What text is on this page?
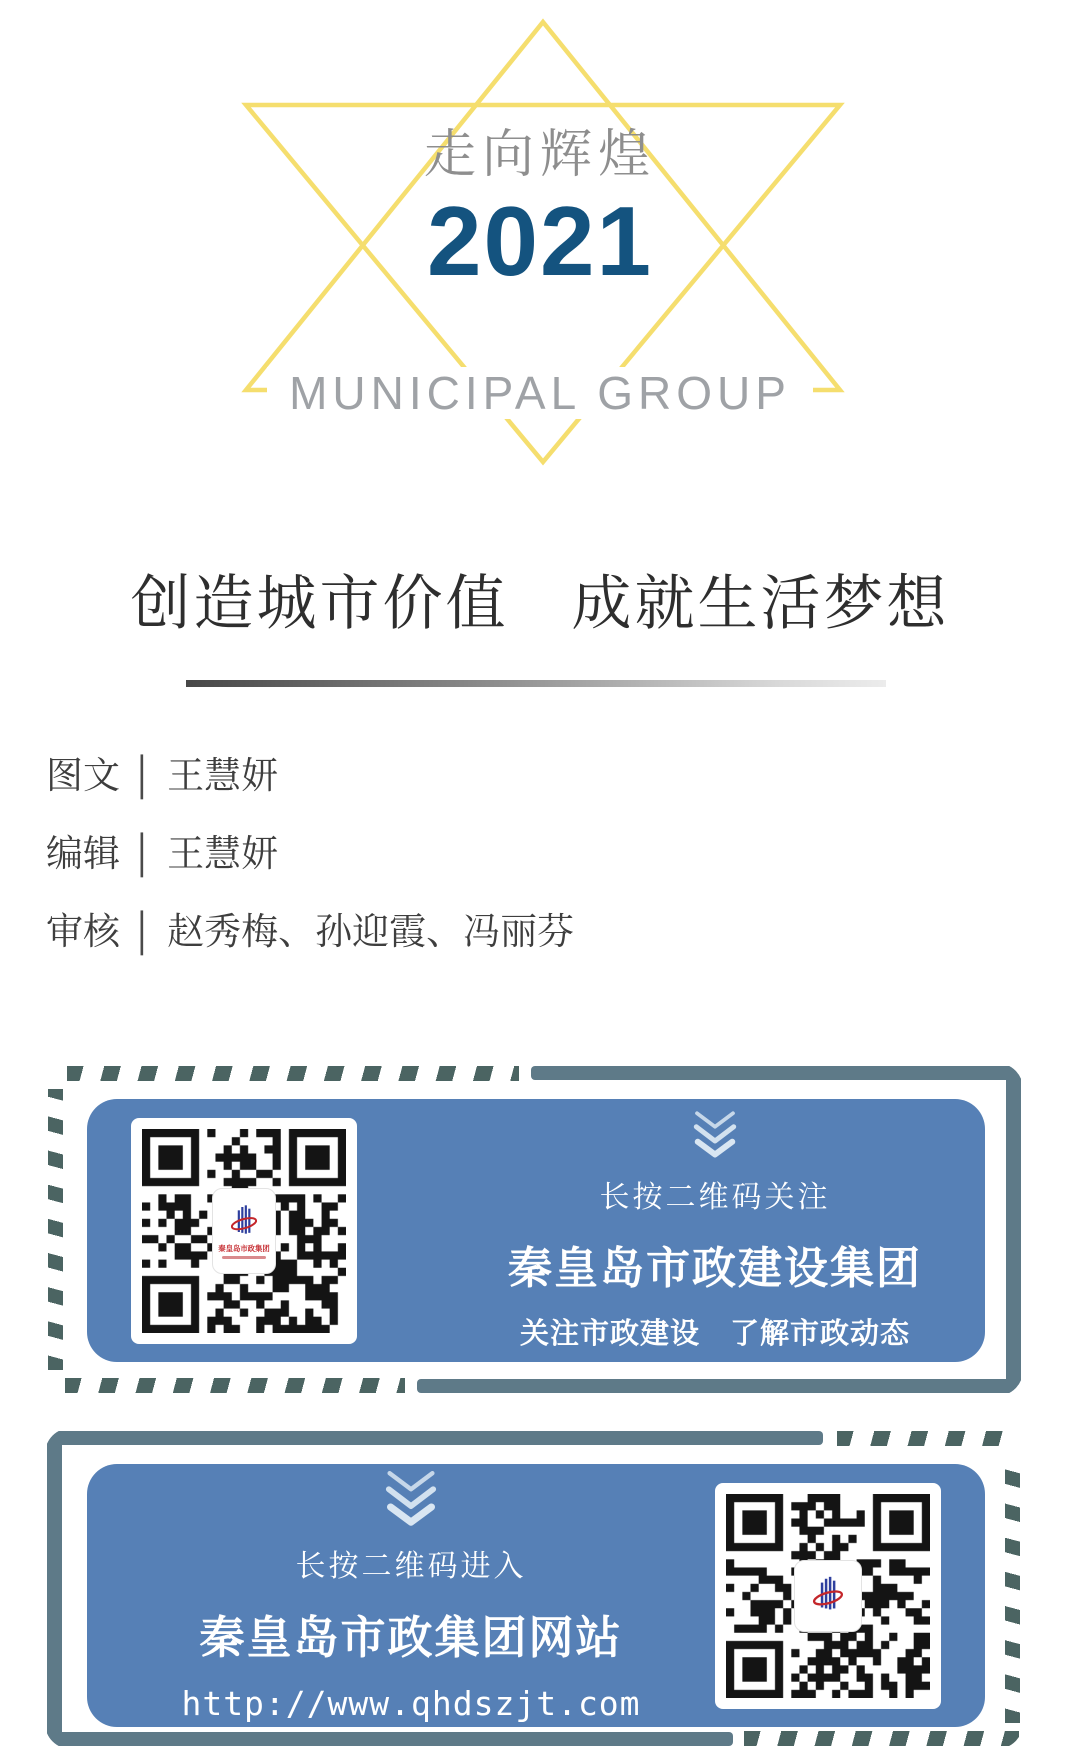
走向辉煌
2021
MUNICIPAL GROUP
创造城市价值　成就生活梦想
图文 │ 王慧妍
编辑 │ 王慧妍
审核 │ 赵秀梅、孙迎霞、冯丽芬
秦皇岛市政集团
长按二维码关注
秦皇岛市政建设集团
关注市政建设　了解市政动态
长按二维码进入
秦皇岛市政集团网站
http://www.qhdszjt.com
